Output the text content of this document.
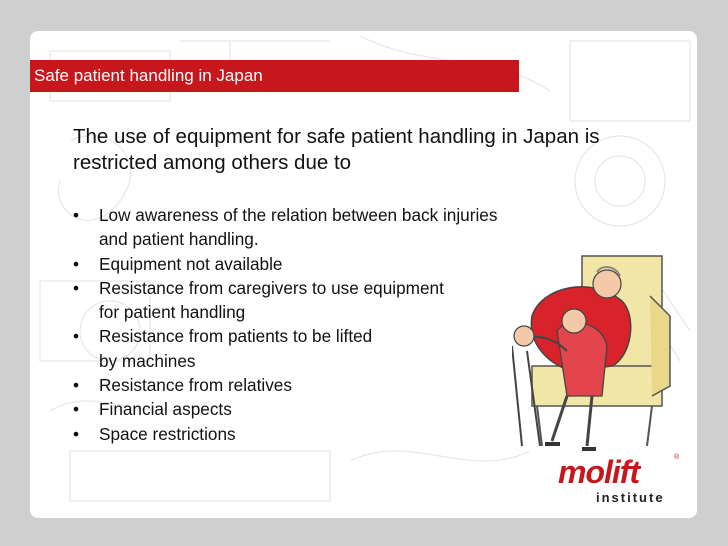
Safe patient handling in Japan
The use of equipment for safe patient handling in Japan is restricted among others due to
• Low awareness of the relation between back injuries
and patient handling.
• Equipment not available
• Resistance from caregivers to use equipment
for patient handling
• Resistance from patients to be lifted
by machines
• Resistance from relatives
• Financial aspects
• Space restrictions
molift	®
institute
